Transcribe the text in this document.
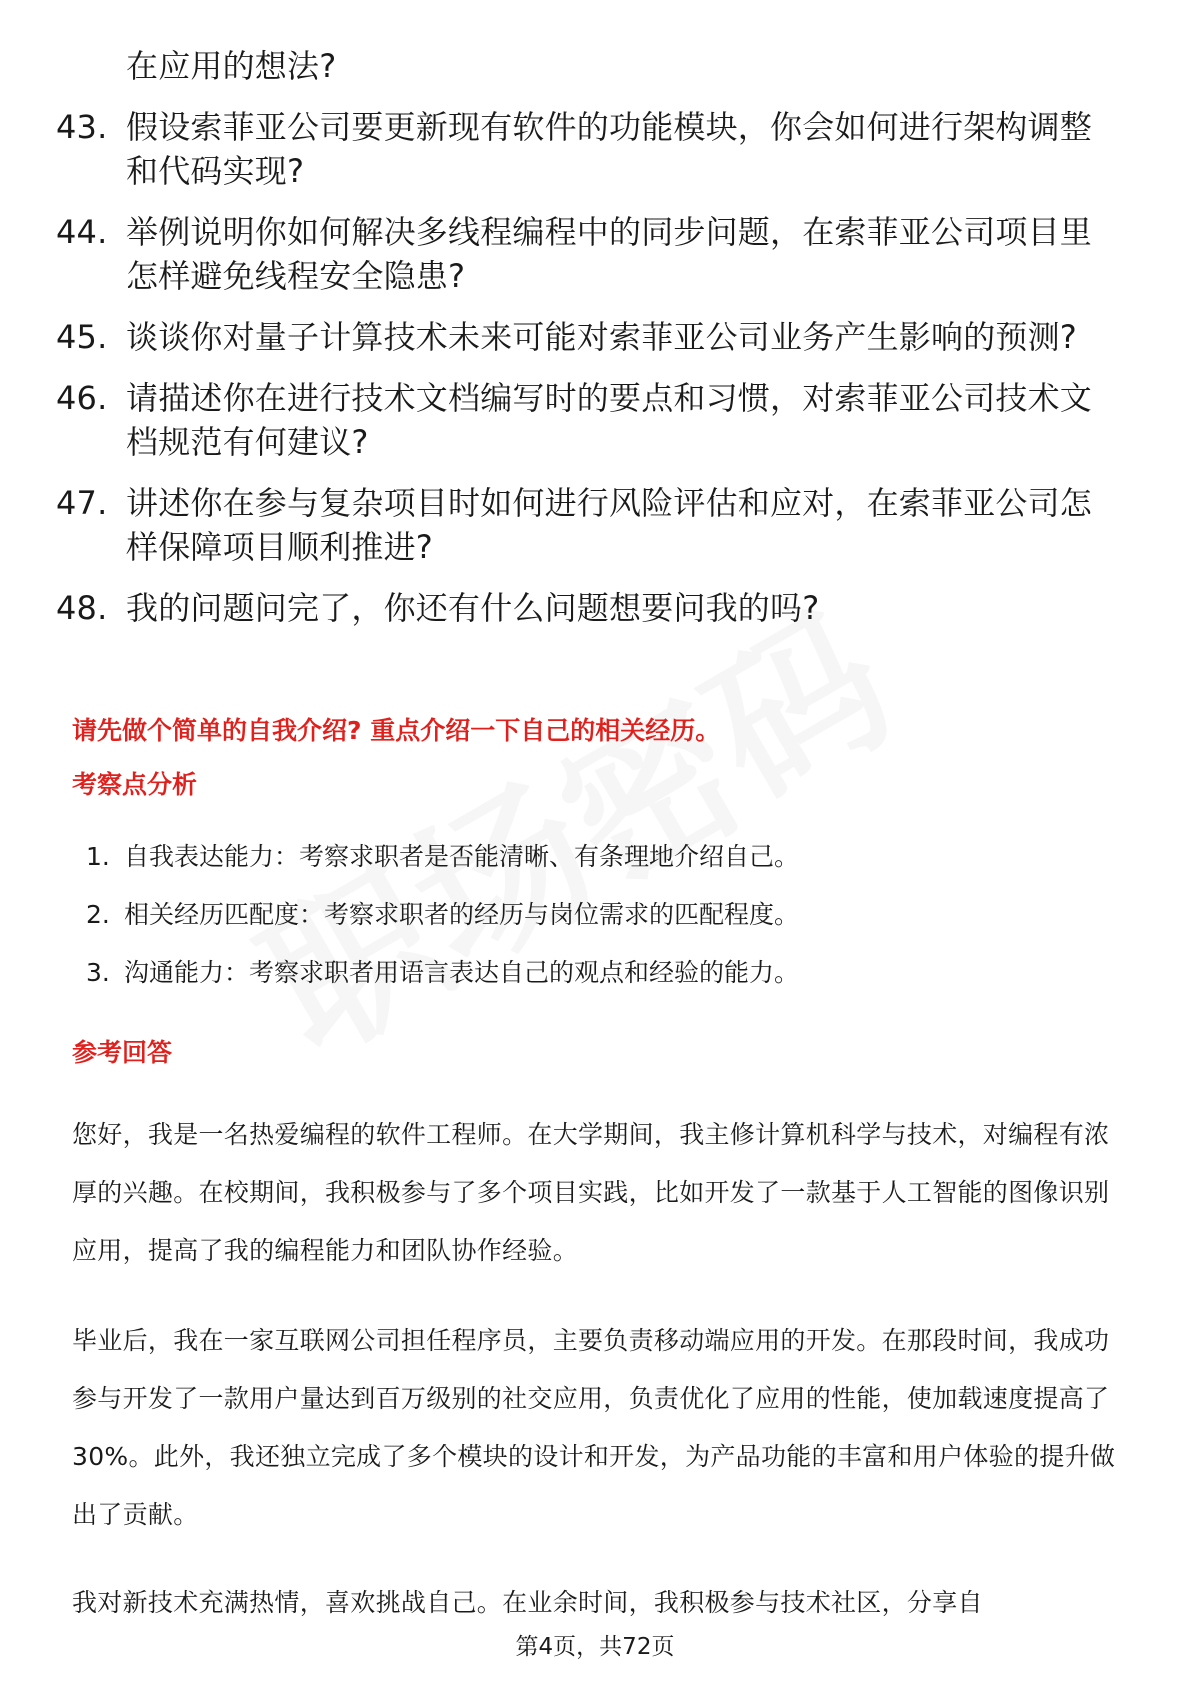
在应用的想法?
43. 假设索菲亚公司要更新现有软件的功能模块，你会如何进行架构调整和代码实现?
44. 举例说明你如何解决多线程编程中的同步问题，在索菲亚公司项目里怎样避免线程安全隐患?
45. 谈谈你对量子计算技术未来可能对索菲亚公司业务产生影响的预测?
46. 请描述你在进行技术文档编写时的要点和习惯，对索菲亚公司技术文档规范有何建议?
47. 讲述你在参与复杂项目时如何进行风险评估和应对，在索菲亚公司怎样保障项目顺利推进?
48. 我的问题问完了，你还有什么问题想要问我的吗?
请先做个简单的自我介绍? 重点介绍一下自己的相关经历。
考察点分析
1. 自我表达能力：考察求职者是否能清晰、有条理地介绍自己。
2. 相关经历匹配度：考察求职者的经历与岗位需求的匹配程度。
3. 沟通能力：考察求职者用语言表达自己的观点和经验的能力。
参考回答

您好，我是一名热爱编程的软件工程师。在大学期间，我主修计算机科学与技术，对编程有浓厚的兴趣。在校期间，我积极参与了多个项目实践，比如开发了一款基于人工智能的图像识别应用，提高了我的编程能力和团队协作经验。

毕业后，我在一家互联网公司担任程序员，主要负责移动端应用的开发。在那段时间，我成功参与开发了一款用户量达到百万级别的社交应用，负责优化了应用的性能，使加载速度提高了30%。此外，我还独立完成了多个模块的设计和开发，为产品功能的丰富和用户体验的提升做出了贡献。

我对新技术充满热情，喜欢挑战自己。在业余时间，我积极参与技术社区，分享自

第4页，共72页
